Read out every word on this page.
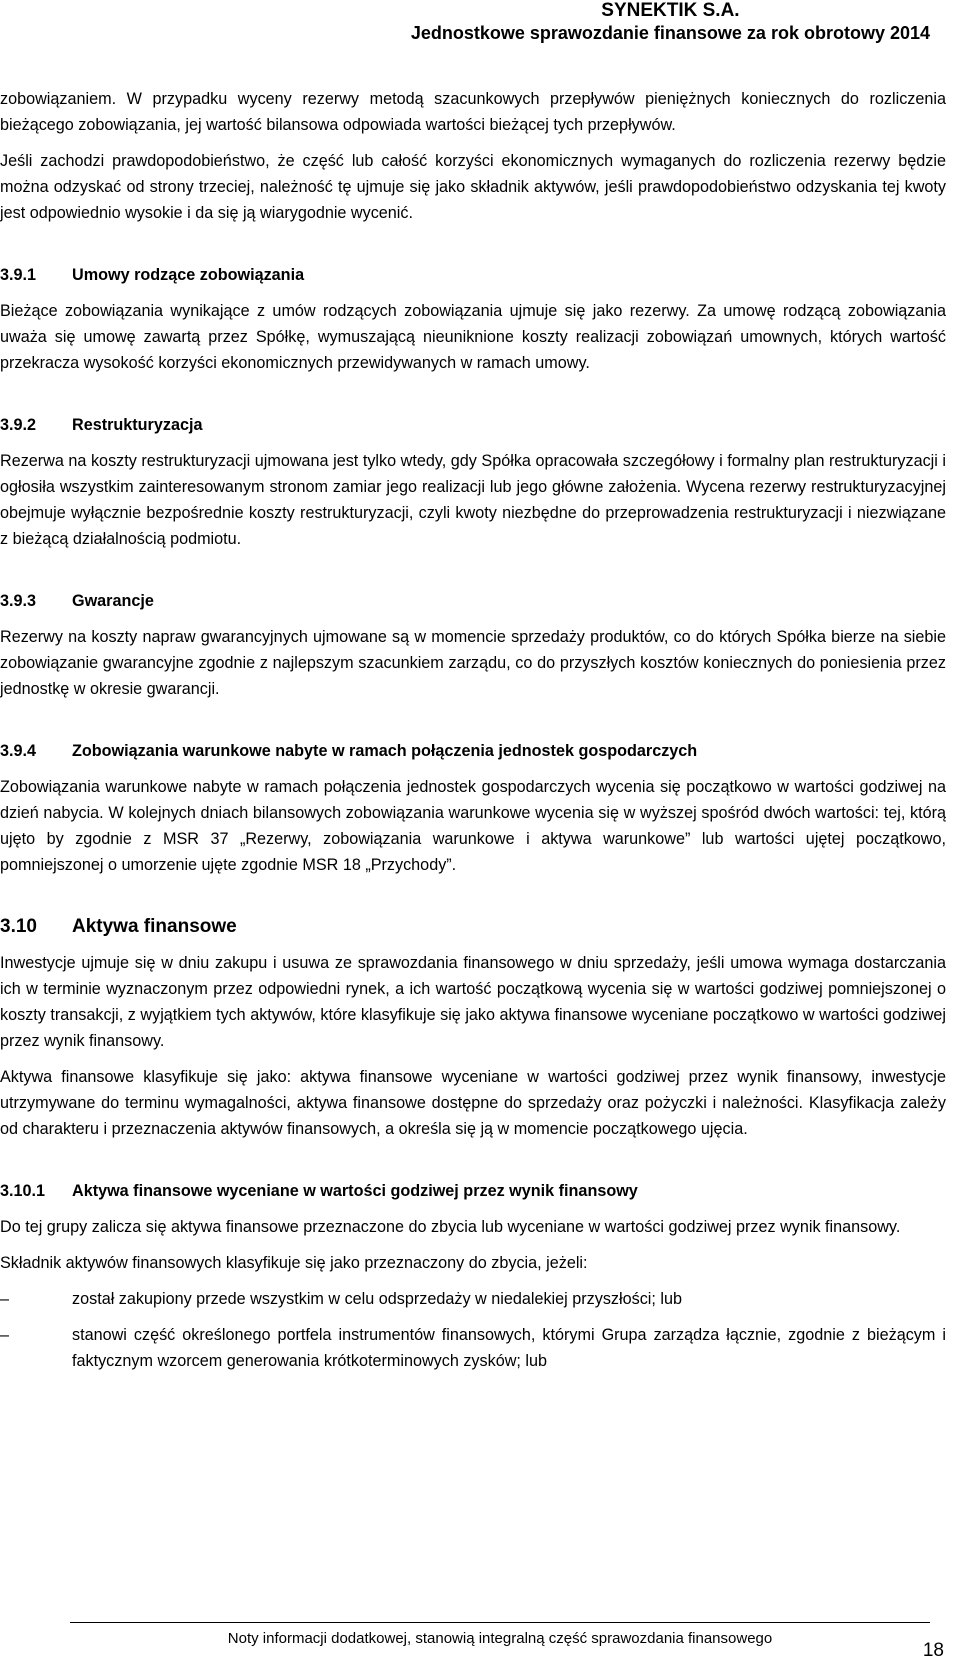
SYNEKTIK S.A.
Jednostkowe sprawozdanie finansowe za rok obrotowy 2014

zobowiązaniem. W przypadku wyceny rezerwy metodą szacunkowych przepływów pieniężnych koniecznych do rozliczenia bieżącego zobowiązania, jej wartość bilansowa odpowiada wartości bieżącej tych przepływów.

Jeśli zachodzi prawdopodobieństwo, że część lub całość korzyści ekonomicznych wymaganych do rozliczenia rezerwy będzie można odzyskać od strony trzeciej, należność tę ujmuje się jako składnik aktywów, jeśli prawdopodobieństwo odzyskania tej kwoty jest odpowiednio wysokie i da się ją wiarygodnie wycenić.

3.9.1	Umowy rodzące zobowiązania

Bieżące zobowiązania wynikające z umów rodzących zobowiązania ujmuje się jako rezerwy. Za umowę rodzącą zobowiązania uważa się umowę zawartą przez Spółkę, wymuszającą nieuniknione koszty realizacji zobowiązań umownych, których wartość przekracza wysokość korzyści ekonomicznych przewidywanych w ramach umowy.

3.9.2	Restrukturyzacja

Rezerwa na koszty restrukturyzacji ujmowana jest tylko wtedy, gdy Spółka opracowała szczegółowy i formalny plan restrukturyzacji i ogłosiła wszystkim zainteresowanym stronom zamiar jego realizacji lub jego główne założenia. Wycena rezerwy restrukturyzacyjnej obejmuje wyłącznie bezpośrednie koszty restrukturyzacji, czyli kwoty niezbędne do przeprowadzenia restrukturyzacji i niezwiązane z bieżącą działalnością podmiotu.

3.9.3	Gwarancje

Rezerwy na koszty napraw gwarancyjnych ujmowane są w momencie sprzedaży produktów, co do których Spółka bierze na siebie zobowiązanie gwarancyjne zgodnie z najlepszym szacunkiem zarządu, co do przyszłych kosztów koniecznych do poniesienia przez jednostkę w okresie gwarancji.

3.9.4	Zobowiązania warunkowe nabyte w ramach połączenia jednostek gospodarczych

Zobowiązania warunkowe nabyte w ramach połączenia jednostek gospodarczych wycenia się początkowo w wartości godziwej na dzień nabycia. W kolejnych dniach bilansowych zobowiązania warunkowe wycenia się w wyższej spośród dwóch wartości: tej, którą ujęto by zgodnie z MSR 37 „Rezerwy, zobowiązania warunkowe i aktywa warunkowe” lub wartości ujętej początkowo, pomniejszonej o umorzenie ujęte zgodnie MSR 18 „Przychody”.

3.10	Aktywa finansowe

Inwestycje ujmuje się w dniu zakupu i usuwa ze sprawozdania finansowego w dniu sprzedaży, jeśli umowa wymaga dostarczania ich w terminie wyznaczonym przez odpowiedni rynek, a ich wartość początkową wycenia się w wartości godziwej pomniejszonej o koszty transakcji, z wyjątkiem tych aktywów, które klasyfikuje się jako aktywa finansowe wyceniane początkowo w wartości godziwej przez wynik finansowy.

Aktywa finansowe klasyfikuje się jako: aktywa finansowe wyceniane w wartości godziwej przez wynik finansowy, inwestycje utrzymywane do terminu wymagalności, aktywa finansowe dostępne do sprzedaży oraz pożyczki i należności. Klasyfikacja zależy od charakteru i przeznaczenia aktywów finansowych, a określa się ją w momencie początkowego ujęcia.

3.10.1	Aktywa finansowe wyceniane w wartości godziwej przez wynik finansowy

Do tej grupy zalicza się aktywa finansowe przeznaczone do zbycia lub wyceniane w wartości godziwej przez wynik finansowy.

Składnik aktywów finansowych klasyfikuje się jako przeznaczony do zbycia, jeżeli:

–	został zakupiony przede wszystkim w celu odsprzedaży w niedalekiej przyszłości; lub
–	stanowi część określonego portfela instrumentów finansowych, którymi Grupa zarządza łącznie, zgodnie z bieżącym i faktycznym wzorcem generowania krótkoterminowych zysków; lub
Noty informacji dodatkowej, stanowią integralną część sprawozdania finansowego
18
